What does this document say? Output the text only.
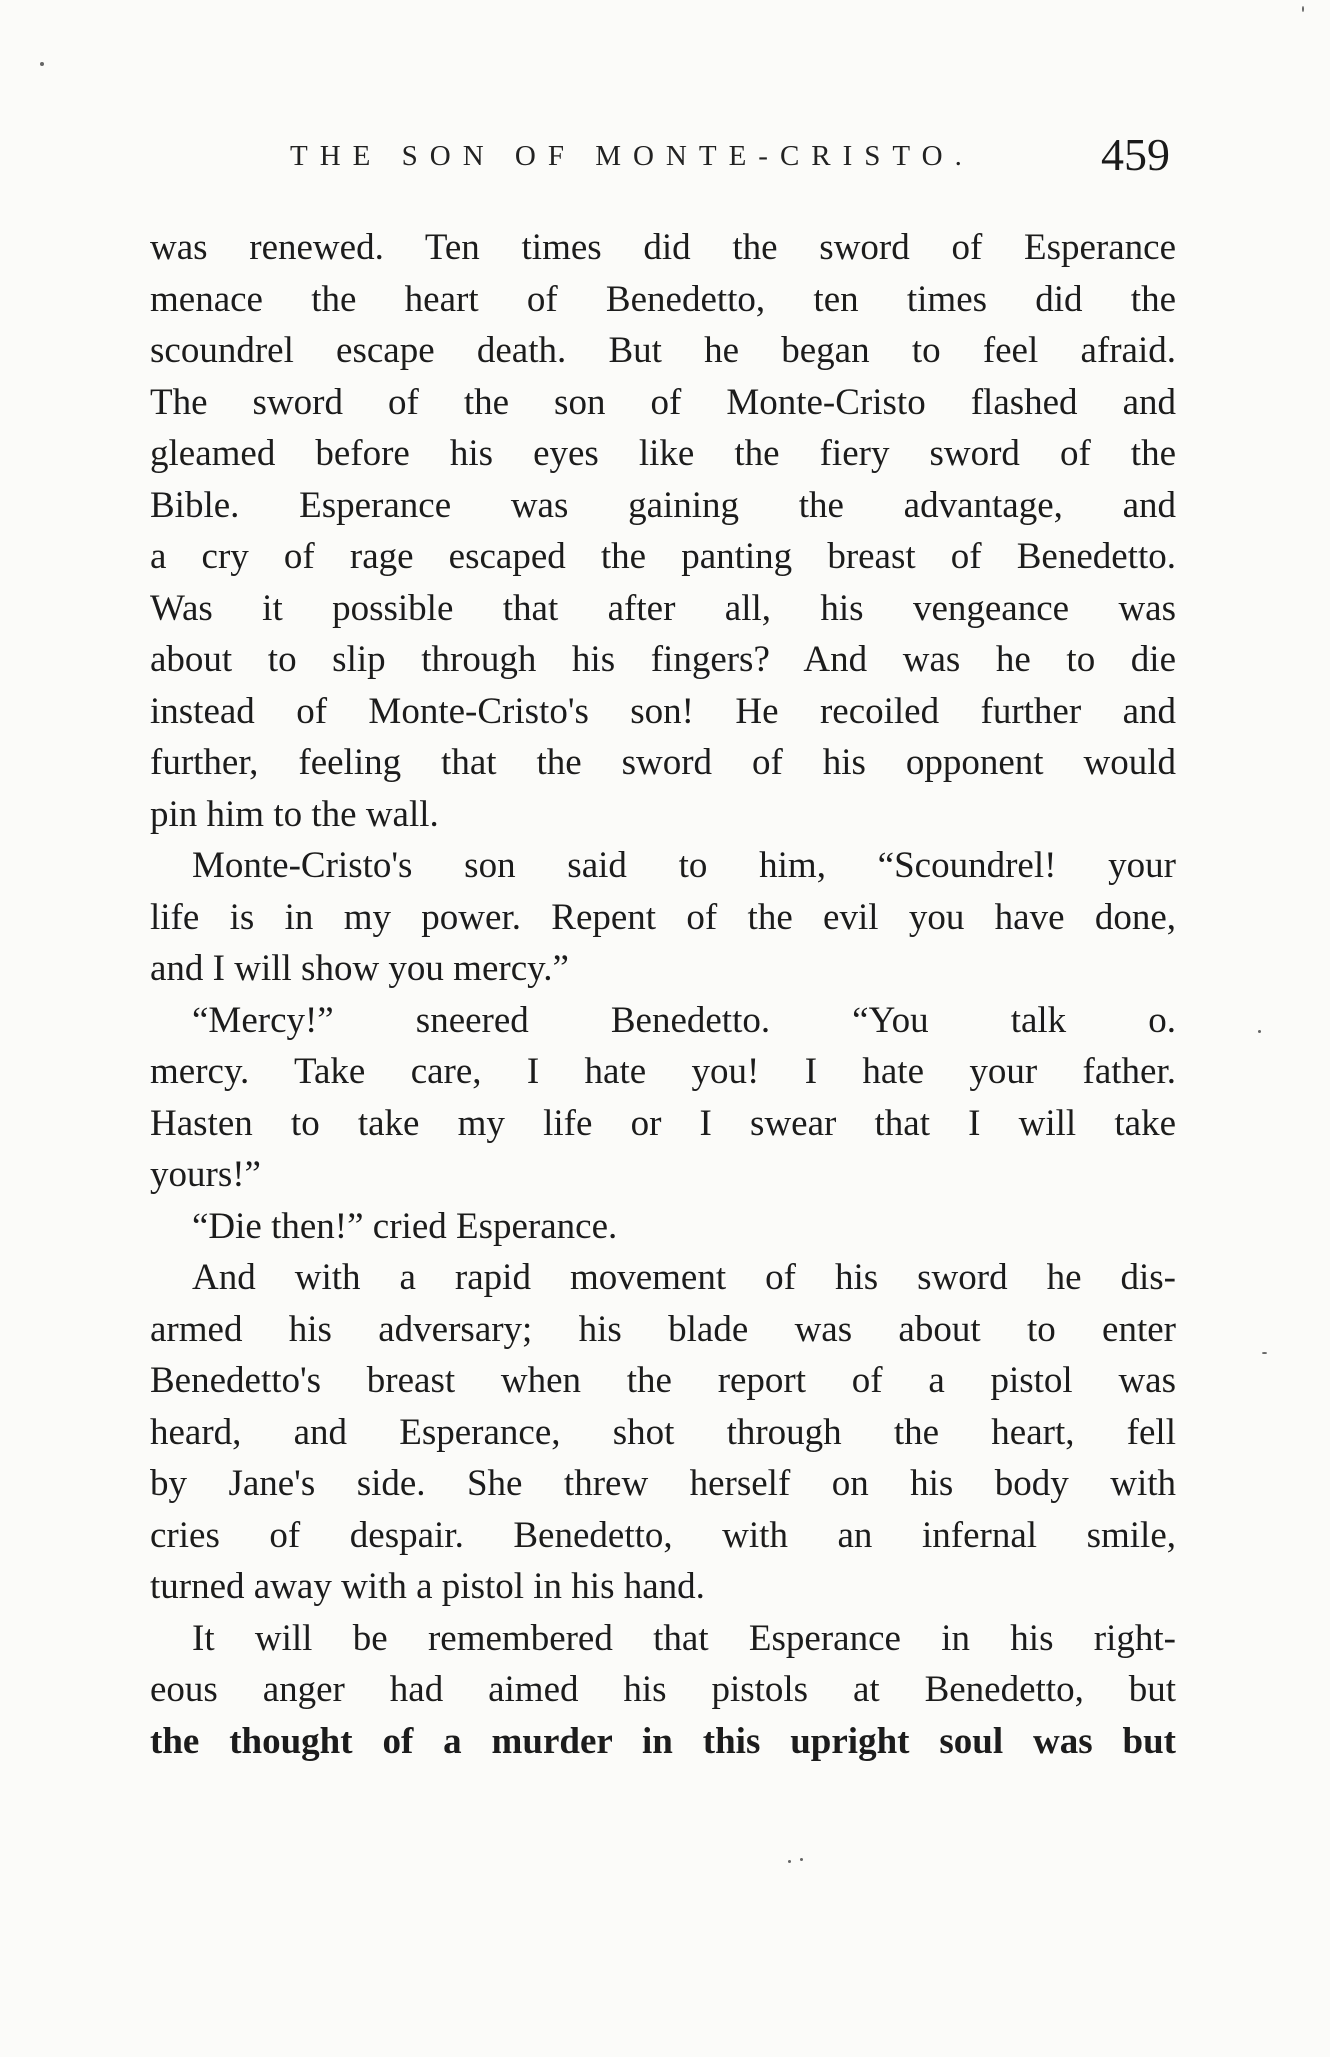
THE SON OF MONTE-CRISTO.	459
was renewed. Ten times did the sword of Esperance
menace the heart of Benedetto, ten times did the
scoundrel escape death. But he began to feel afraid.
The sword of the son of Monte-Cristo flashed and
gleamed before his eyes like the fiery sword of the
Bible. Esperance was gaining the advantage, and
a cry of rage escaped the panting breast of Benedetto.
Was it possible that after all, his vengeance was
about to slip through his fingers? And was he to die
instead of Monte-Cristo's son! He recoiled further and
further, feeling that the sword of his opponent would
pin him to the wall.
Monte-Cristo's son said to him, “Scoundrel! your
life is in my power. Repent of the evil you have done,
and I will show you mercy.”
“Mercy!” sneered Benedetto. “You talk o.
mercy. Take care, I hate you! I hate your father.
Hasten to take my life or I swear that I will take
yours!”
“Die then!” cried Esperance.
And with a rapid movement of his sword he dis-
armed his adversary; his blade was about to enter
Benedetto's breast when the report of a pistol was
heard, and Esperance, shot through the heart, fell
by Jane's side. She threw herself on his body with
cries of despair. Benedetto, with an infernal smile,
turned away with a pistol in his hand.
It will be remembered that Esperance in his right-
eous anger had aimed his pistols at Benedetto, but
the thought of a murder in this upright soul was but
